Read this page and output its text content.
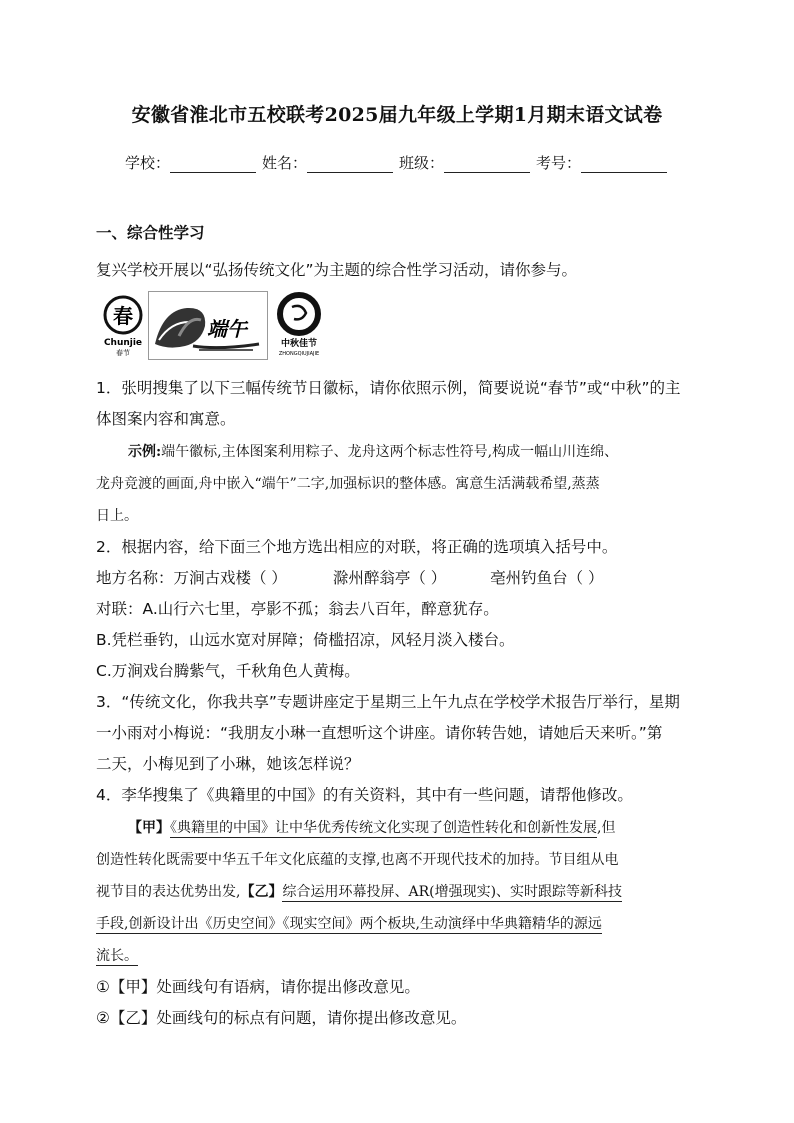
安徽省淮北市五校联考2025届九年级上学期1月期末语文试卷
学校：	姓名：	班级：	考号：
一、综合性学习
复兴学校开展以“弘扬传统文化”为主题的综合性学习活动，请你参与。
春
Chunjie
春节
端午
中秋佳节
ZHONGQIUJIAJIE
1．张明搜集了以下三幅传统节日徽标，请你依照示例，简要说说“春节”或“中秋”的主
体图案内容和寓意。
示例:端午徽标,主体图案利用粽子、龙舟这两个标志性符号,构成一幅山川连绵、
龙舟竞渡的画面,舟中嵌入“端午”二字,加强标识的整体感。寓意生活满载希望,蒸蒸
日上。
2．根据内容，给下面三个地方选出相应的对联，将正确的选项填入括号中。
地方名称：万涧古戏楼（ ）	滁州醉翁亭（ ）	亳州钓鱼台（ ）
对联：A.山行六七里，亭影不孤；翁去八百年，醉意犹存。
B.凭栏垂钓，山远水宽对屏障；倚槛招凉，风轻月淡入楼台。
C.万涧戏台腾紫气，千秋角色人黄梅。
3．“传统文化，你我共享”专题讲座定于星期三上午九点在学校学术报告厅举行，星期
一小雨对小梅说：“我朋友小琳一直想听这个讲座。请你转告她，请她后天来听。”第
二天，小梅见到了小琳，她该怎样说？
4．李华搜集了《典籍里的中国》的有关资料，其中有一些问题，请帮他修改。
【甲】《典籍里的中国》让中华优秀传统文化实现了创造性转化和创新性发展,但
创造性转化既需要中华五千年文化底蕴的支撑,也离不开现代技术的加持。节目组从电
视节目的表达优势出发,【乙】综合运用环幕投屏、AR(增强现实)、实时跟踪等新科技
手段,创新设计出《历史空间》《现实空间》两个板块,生动演绎中华典籍精华的源远
流长。
①【甲】处画线句有语病，请你提出修改意见。
②【乙】处画线句的标点有问题，请你提出修改意见。
